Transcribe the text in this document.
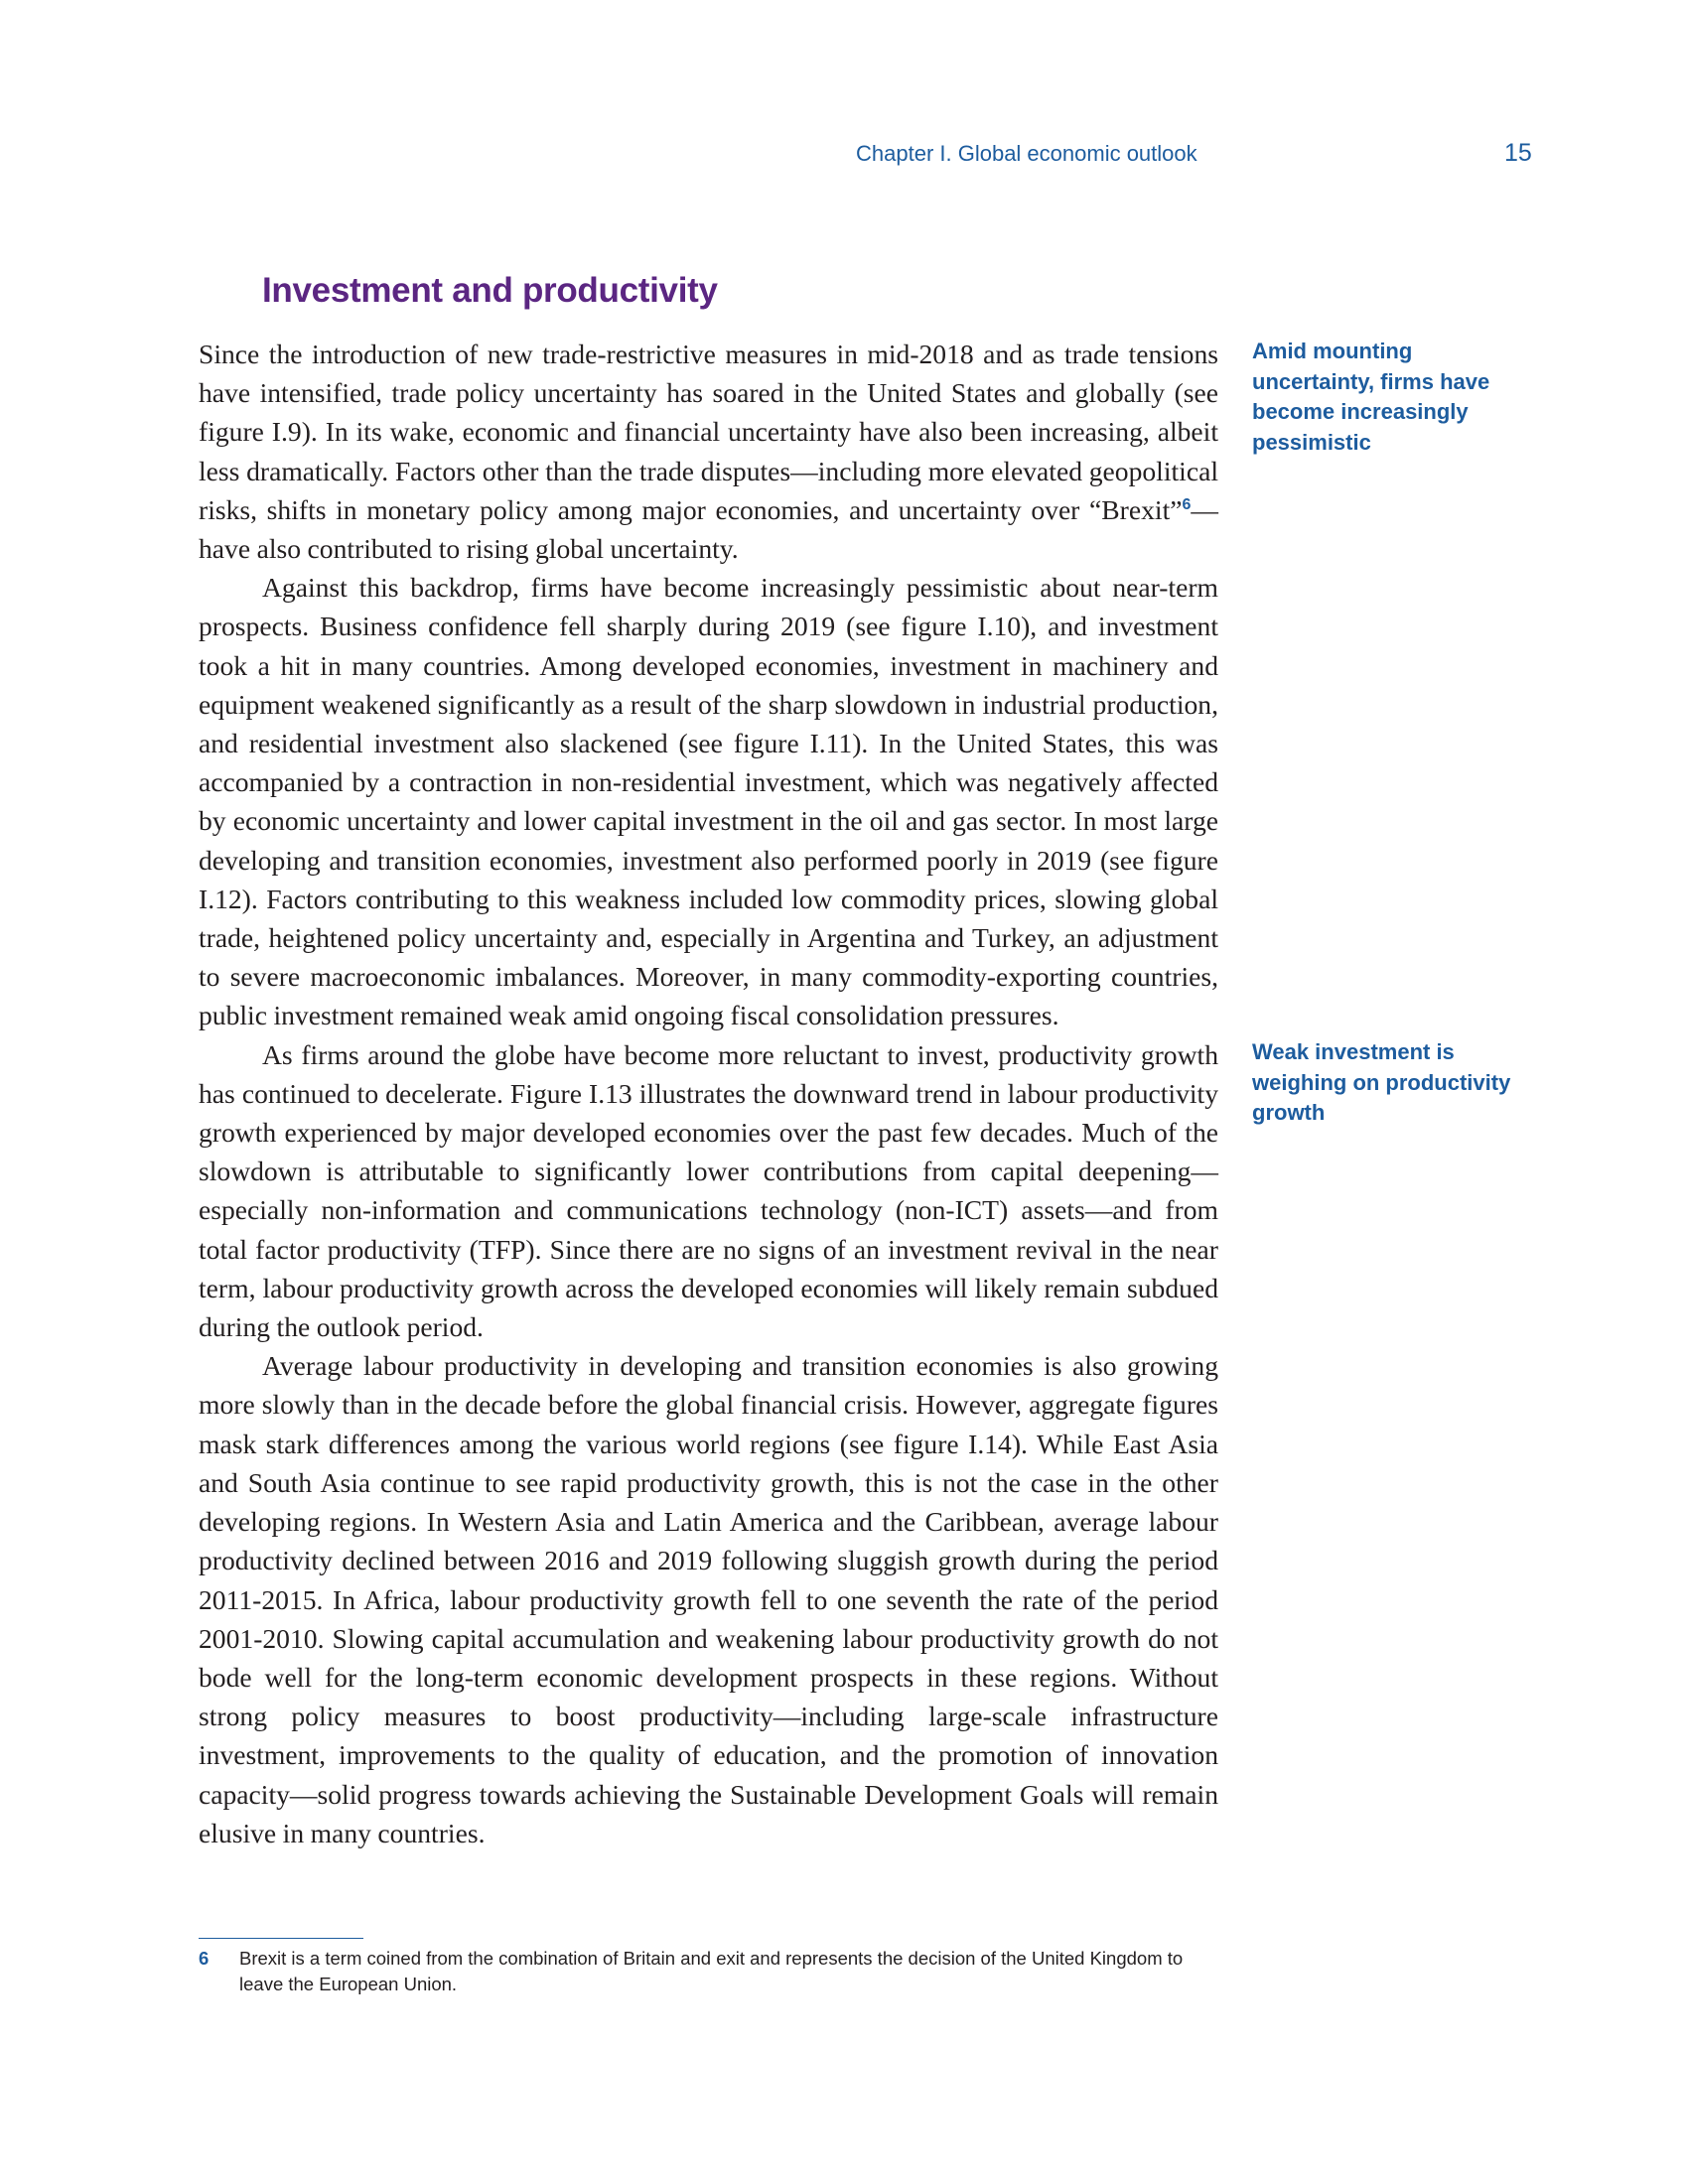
Chapter I. Global economic outlook	15
Investment and productivity

Since the introduction of new trade-restrictive measures in mid-2018 and as trade tensions have intensified, trade policy uncertainty has soared in the United States and globally (see figure I.9). In its wake, economic and financial uncertainty have also been increasing, albeit less dramatically. Factors other than the trade disputes—including more elevated geopolitical risks, shifts in monetary policy among major economies, and uncertainty over “Brexit”$^6$—have also contributed to rising global uncertainty.

Against this backdrop, firms have become increasingly pessimistic about near-term prospects. Business confidence fell sharply during 2019 (see figure I.10), and investment took a hit in many countries. Among developed economies, investment in machinery and equipment weakened significantly as a result of the sharp slowdown in industrial production, and residential investment also slackened (see figure I.11). In the United States, this was accompanied by a contraction in non-residential investment, which was negatively affected by economic uncertainty and lower capital investment in the oil and gas sector. In most large developing and transition economies, investment also performed poorly in 2019 (see figure I.12). Factors contributing to this weakness included low commodity prices, slowing global trade, heightened policy uncertainty and, especially in Argentina and Turkey, an adjustment to severe macroeconomic imbalances. Moreover, in many commodity-exporting countries, public investment remained weak amid ongoing fiscal consolidation pressures.

As firms around the globe have become more reluctant to invest, productivity growth has continued to decelerate. Figure I.13 illustrates the downward trend in labour productivity growth experienced by major developed economies over the past few decades. Much of the slowdown is attributable to significantly lower contributions from capital deepening—especially non-information and communications technology (non-ICT) assets—and from total factor productivity (TFP). Since there are no signs of an investment revival in the near term, labour productivity growth across the developed economies will likely remain subdued during the outlook period.

Average labour productivity in developing and transition economies is also growing more slowly than in the decade before the global financial crisis. However, aggregate figures mask stark differences among the various world regions (see figure I.14). While East Asia and South Asia continue to see rapid productivity growth, this is not the case in the other developing regions. In Western Asia and Latin America and the Caribbean, average labour productivity declined between 2016 and 2019 following sluggish growth during the period 2011-2015. In Africa, labour productivity growth fell to one seventh the rate of the period 2001-2010. Slowing capital accumulation and weakening labour productivity growth do not bode well for the long-term economic development prospects in these regions. Without strong policy measures to boost productivity—including large-scale infrastructure investment, improvements to the quality of education, and the promotion of innovation capacity—solid progress towards achieving the Sustainable Development Goals will remain elusive in many countries.

Amid mounting uncertainty, firms have become increasingly pessimistic
Weak investment is weighing on productivity growth
6 Brexit is a term coined from the combination of Britain and exit and represents the decision of the United Kingdom to leave the European Union.
